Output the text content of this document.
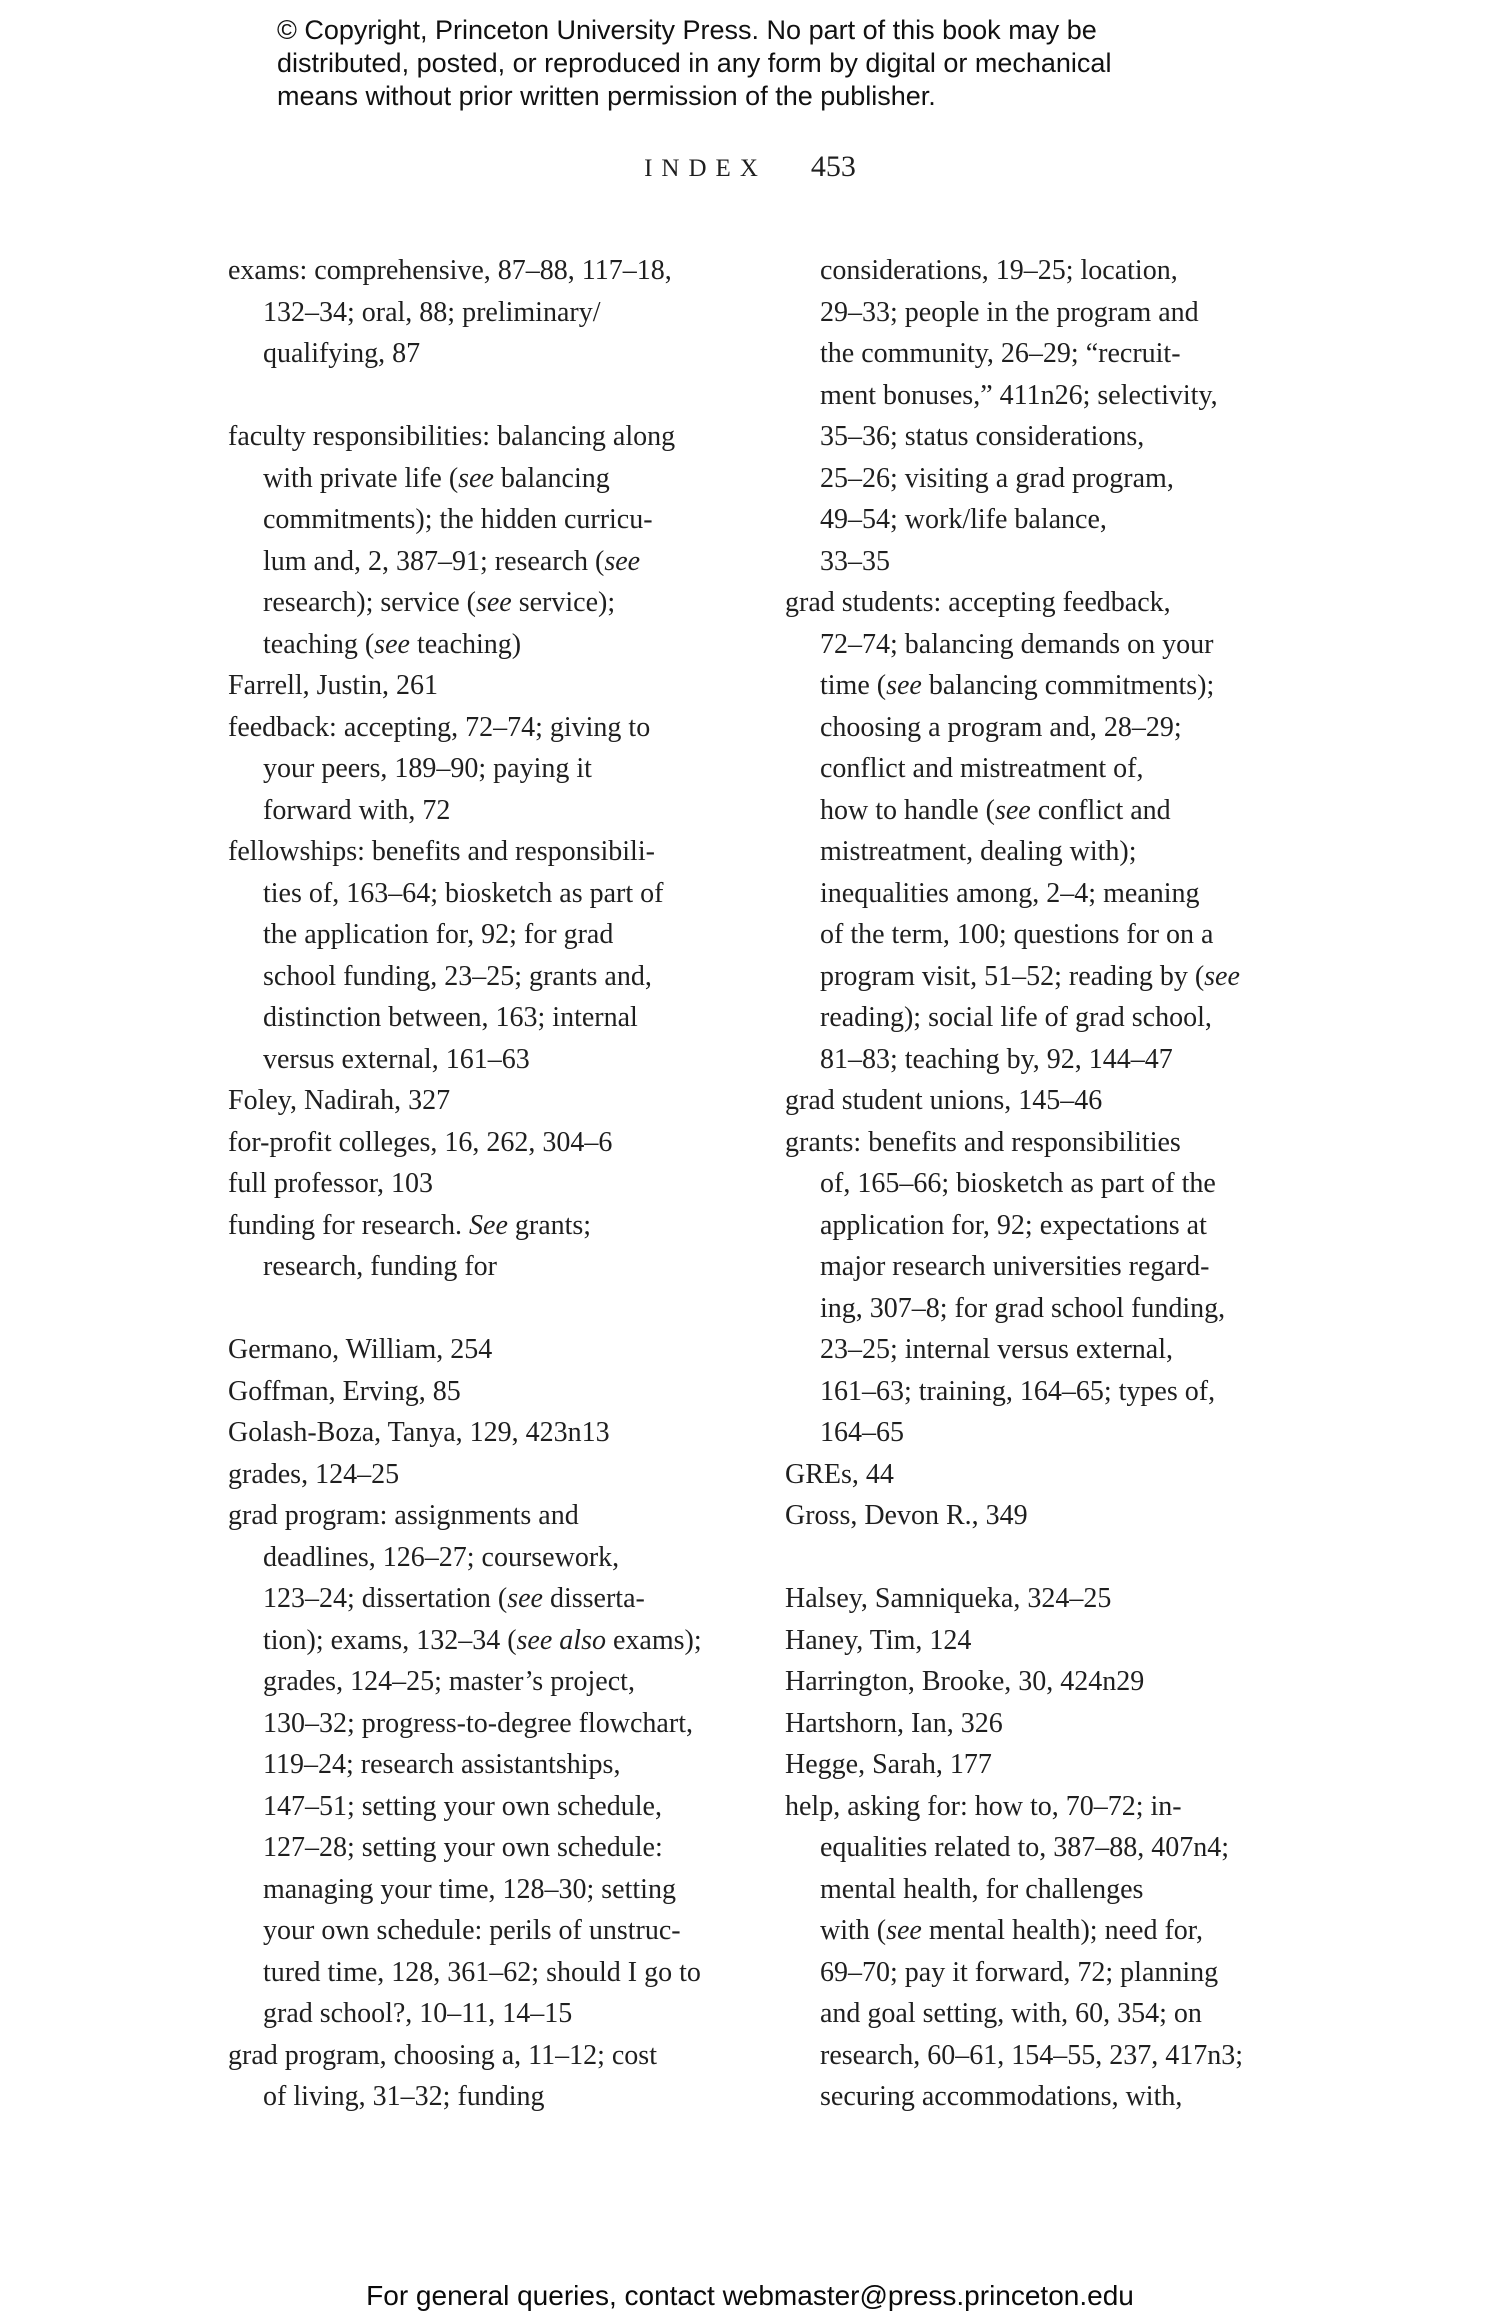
© Copyright, Princeton University Press. No part of this book may be
distributed, posted, or reproduced in any form by digital or mechanical
means without prior written permission of the publisher.
INDEX 453
exams: comprehensive, 87–88, 117–18,
132–34; oral, 88; preliminary/
qualifying, 87
faculty responsibilities: balancing along
with private life (see balancing
commitments); the hidden curricu-
lum and, 2, 387–91; research (see
research); service (see service);
teaching (see teaching)
Farrell, Justin, 261
feedback: accepting, 72–74; giving to
your peers, 189–90; paying it
forward with, 72
fellowships: benefits and responsibili-
ties of, 163–64; biosketch as part of
the application for, 92; for grad
school funding, 23–25; grants and,
distinction between, 163; internal
versus external, 161–63
Foley, Nadirah, 327
for-profit colleges, 16, 262, 304–6
full professor, 103
funding for research. See grants;
research, funding for
Germano, William, 254
Goffman, Erving, 85
Golash-Boza, Tanya, 129, 423n13
grades, 124–25
grad program: assignments and
deadlines, 126–27; coursework,
123–24; dissertation (see disserta-
tion); exams, 132–34 (see also exams);
grades, 124–25; master’s project,
130–32; progress-to-degree flowchart,
119–24; research assistantships,
147–51; setting your own schedule,
127–28; setting your own schedule:
managing your time, 128–30; setting
your own schedule: perils of unstruc-
tured time, 128, 361–62; should I go to
grad school?, 10–11, 14–15
grad program, choosing a, 11–12; cost
of living, 31–32; funding
considerations, 19–25; location,
29–33; people in the program and
the community, 26–29; “recruit-
ment bonuses,” 411n26; selectivity,
35–36; status considerations,
25–26; visiting a grad program,
49–54; work/life balance,
33–35
grad students: accepting feedback,
72–74; balancing demands on your
time (see balancing commitments);
choosing a program and, 28–29;
conflict and mistreatment of,
how to handle (see conflict and
mistreatment, dealing with);
inequalities among, 2–4; meaning
of the term, 100; questions for on a
program visit, 51–52; reading by (see
reading); social life of grad school,
81–83; teaching by, 92, 144–47
grad student unions, 145–46
grants: benefits and responsibilities
of, 165–66; biosketch as part of the
application for, 92; expectations at
major research universities regard-
ing, 307–8; for grad school funding,
23–25; internal versus external,
161–63; training, 164–65; types of,
164–65
GREs, 44
Gross, Devon R., 349
Halsey, Samniqueka, 324–25
Haney, Tim, 124
Harrington, Brooke, 30, 424n29
Hartshorn, Ian, 326
Hegge, Sarah, 177
help, asking for: how to, 70–72; in-
equalities related to, 387–88, 407n4;
mental health, for challenges
with (see mental health); need for,
69–70; pay it forward, 72; planning
and goal setting, with, 60, 354; on
research, 60–61, 154–55, 237, 417n3;
securing accommodations, with,
For general queries, contact webmaster@press.princeton.edu
